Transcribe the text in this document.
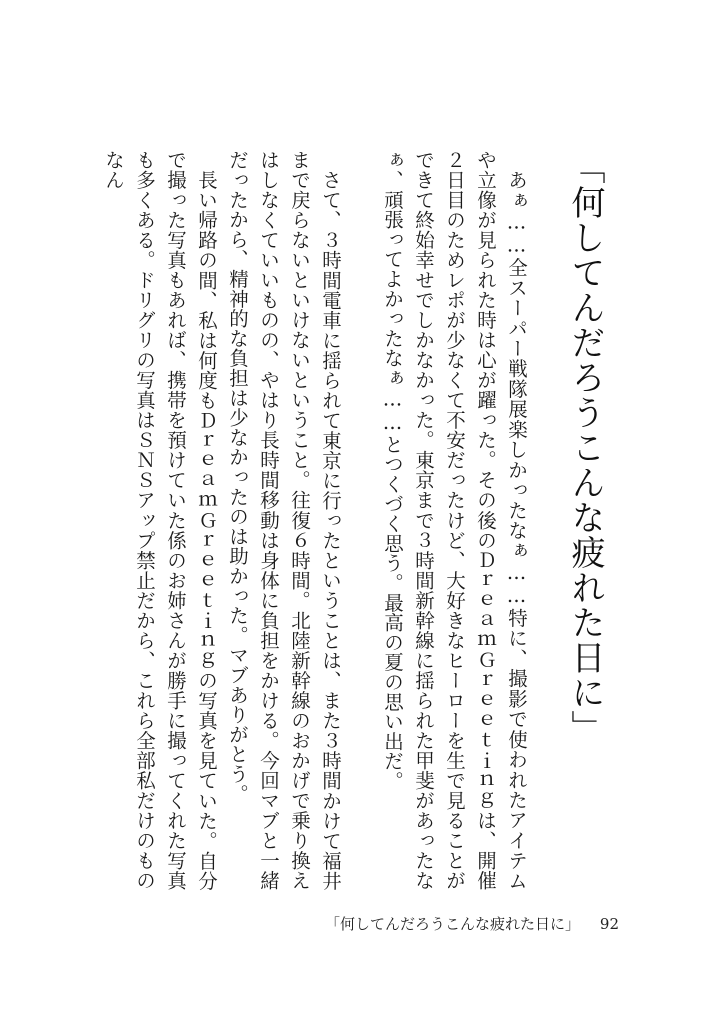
「何してんだろうこんな疲れた日に」

あぁ……全スーパー戦隊展楽しかったなぁ……特に、撮影で使われたアイテムや立像が見られた時は心が躍った。その後のＤｒｅａｍＧｒｅｅｔｉｎｇは、開催２日目のためレポが少なくて不安だったけど、大好きなヒーローを生で見ることができて終始幸せでしかなかった。東京まで３時間新幹線に揺られた甲斐があったなぁ、頑張ってよかったなぁ……とつくづく思う。最高の夏の思い出だ。

さて、３時間電車に揺られて東京に行ったということは、また３時間かけて福井まで戻らないといけないということ。往復６時間。北陸新幹線のおかげで乗り換えはしなくていいものの、やはり長時間移動は身体に負担をかける。今回マブと一緒だったから、精神的な負担は少なかったのは助かった。マブありがとう。

長い帰路の間、私は何度もＤｒｅａｍＧｒｅｅｔｉｎｇの写真を見ていた。自分で撮った写真もあれば、携帯を預けていた係のお姉さんが勝手に撮ってくれた写真も多くある。ドリグリの写真はＳＮＳアップ禁止だから、これら全部私だけのものなん

「何してんだろうこんな疲れた日に」 92
